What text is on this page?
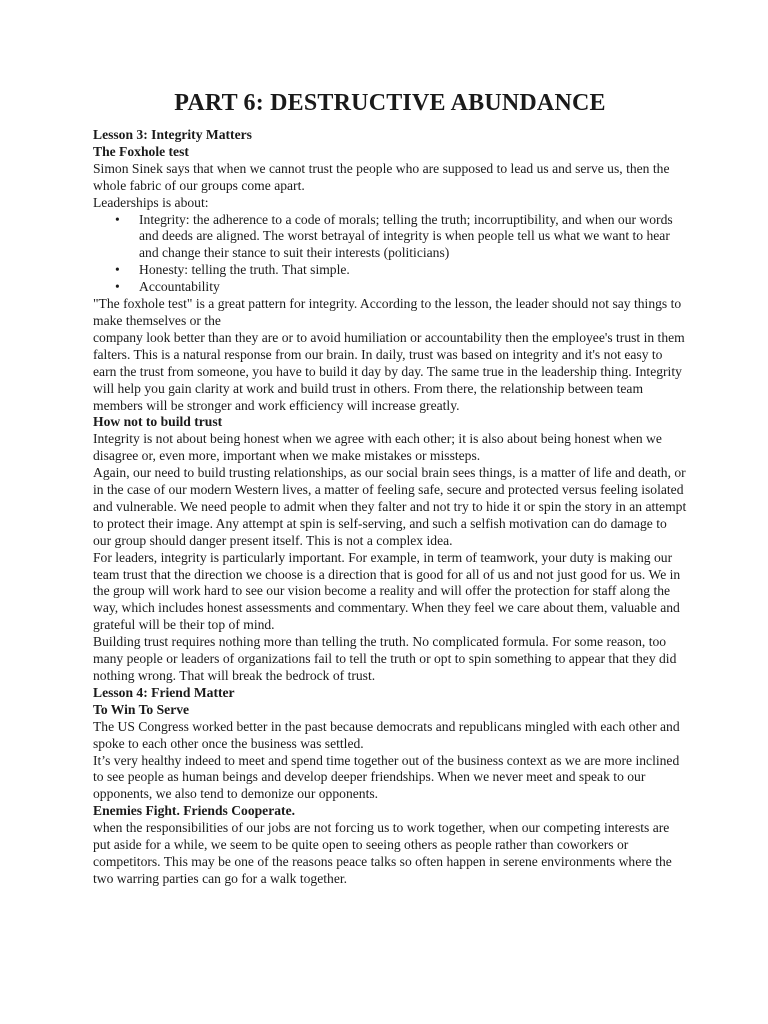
PART 6: DESTRUCTIVE ABUNDANCE
Lesson 3: Integrity Matters
The Foxhole test
Simon Sinek says that when we cannot trust the people who are supposed to lead us and serve us, then the whole fabric of our groups come apart.
Leaderships is about:
• Integrity: the adherence to a code of morals; telling the truth; incorruptibility, and when our words and deeds are aligned. The worst betrayal of integrity is when people tell us what we want to hear and change their stance to suit their interests (politicians)
• Honesty: telling the truth. That simple.
• Accountability
"The foxhole test" is a great pattern for integrity. According to the lesson, the leader should not say things to make themselves or the
company look better than they are or to avoid humiliation or accountability then the employee's trust in them falters. This is a natural response from our brain. In daily, trust was based on integrity and it's not easy to earn the trust from someone, you have to build it day by day. The same true in the leadership thing. Integrity will help you gain clarity at work and build trust in others. From there, the relationship between team members will be stronger and work efficiency will increase greatly.
How not to build trust
Integrity is not about being honest when we agree with each other; it is also about being honest when we disagree or, even more, important when we make mistakes or missteps.
Again, our need to build trusting relationships, as our social brain sees things, is a matter of life and death, or in the case of our modern Western lives, a matter of feeling safe, secure and protected versus feeling isolated and vulnerable. We need people to admit when they falter and not try to hide it or spin the story in an attempt to protect their image. Any attempt at spin is self-serving, and such a selfish motivation can do damage to our group should danger present itself. This is not a complex idea.
For leaders, integrity is particularly important. For example, in term of teamwork, your duty is making our team trust that the direction we choose is a direction that is good for all of us and not just good for us. We in the group will work hard to see our vision become a reality and will offer the protection for staff along the way, which includes honest assessments and commentary. When they feel we care about them, valuable and grateful will be their top of mind.
Building trust requires nothing more than telling the truth. No complicated formula. For some reason, too many people or leaders of organizations fail to tell the truth or opt to spin something to appear that they did nothing wrong. That will break the bedrock of trust.
Lesson 4: Friend Matter
To Win To Serve
The US Congress worked better in the past because democrats and republicans mingled with each other and spoke to each other once the business was settled.
It’s very healthy indeed to meet and spend time together out of the business context as we are more inclined to see people as human beings and develop deeper friendships. When we never meet and speak to our opponents, we also tend to demonize our opponents.
Enemies Fight. Friends Cooperate.
when the responsibilities of our jobs are not forcing us to work together, when our competing interests are put aside for a while, we seem to be quite open to seeing others as people rather than coworkers or competitors. This may be one of the reasons peace talks so often happen in serene environments where the two warring parties can go for a walk together.
